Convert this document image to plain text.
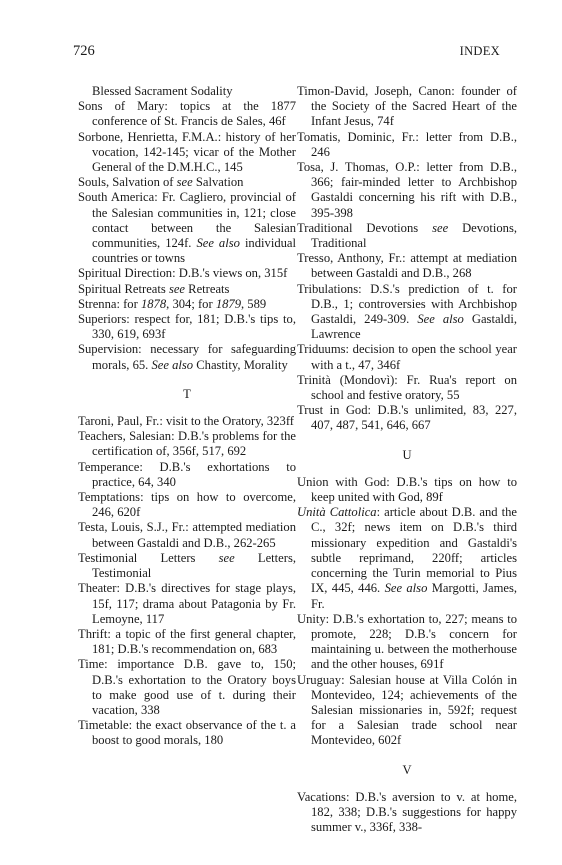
726	INDEX
Blessed Sacrament Sodality
Sons of Mary: topics at the 1877 conference of St. Francis de Sales, 46f
Sorbone, Henrietta, F.M.A.: history of her vocation, 142-145; vicar of the Mother General of the D.M.H.C., 145
Souls, Salvation of see Salvation
South America: Fr. Cagliero, provincial of the Salesian communities in, 121; close contact between the Salesian communities, 124f. See also individual countries or towns
Spiritual Direction: D.B.'s views on, 315f
Spiritual Retreats see Retreats
Strenna: for 1878, 304; for 1879, 589
Superiors: respect for, 181; D.B.'s tips to, 330, 619, 693f
Supervision: necessary for safeguarding morals, 65. See also Chastity, Morality
T
Taroni, Paul, Fr.: visit to the Oratory, 323ff
Teachers, Salesian: D.B.'s problems for the certification of, 356f, 517, 692
Temperance: D.B.'s exhortations to practice, 64, 340
Temptations: tips on how to overcome, 246, 620f
Testa, Louis, S.J., Fr.: attempted mediation between Gastaldi and D.B., 262-265
Testimonial Letters see Letters, Testimonial
Theater: D.B.'s directives for stage plays, 15f, 117; drama about Patagonia by Fr. Lemoyne, 117
Thrift: a topic of the first general chapter, 181; D.B.'s recommendation on, 683
Time: importance D.B. gave to, 150; D.B.'s exhortation to the Oratory boys to make good use of t. during their vacation, 338
Timetable: the exact observance of the t. a boost to good morals, 180
Timon-David, Joseph, Canon: founder of the Society of the Sacred Heart of the Infant Jesus, 74f
Tomatis, Dominic, Fr.: letter from D.B., 246
Tosa, J. Thomas, O.P.: letter from D.B., 366; fair-minded letter to Archbishop Gastaldi concerning his rift with D.B., 395-398
Traditional Devotions see Devotions, Traditional
Tresso, Anthony, Fr.: attempt at mediation between Gastaldi and D.B., 268
Tribulations: D.S.'s prediction of t. for D.B., 1; controversies with Archbishop Gastaldi, 249-309. See also Gastaldi, Lawrence
Triduums: decision to open the school year with a t., 47, 346f
Trinità (Mondovì): Fr. Rua's report on school and festive oratory, 55
Trust in God: D.B.'s unlimited, 83, 227, 407, 487, 541, 646, 667
U
Union with God: D.B.'s tips on how to keep united with God, 89f
Unità Cattolica: article about D.B. and the C., 32f; news item on D.B.'s third missionary expedition and Gastaldi's subtle reprimand, 220ff; articles concerning the Turin memorial to Pius IX, 445, 446. See also Margotti, James, Fr.
Unity: D.B.'s exhortation to, 227; means to promote, 228; D.B.'s concern for maintaining u. between the motherhouse and the other houses, 691f
Uruguay: Salesian house at Villa Colón in Montevideo, 124; achievements of the Salesian missionaries in, 592f; request for a Salesian trade school near Montevideo, 602f
V
Vacations: D.B.'s aversion to v. at home, 182, 338; D.B.'s suggestions for happy summer v., 336f, 338-
